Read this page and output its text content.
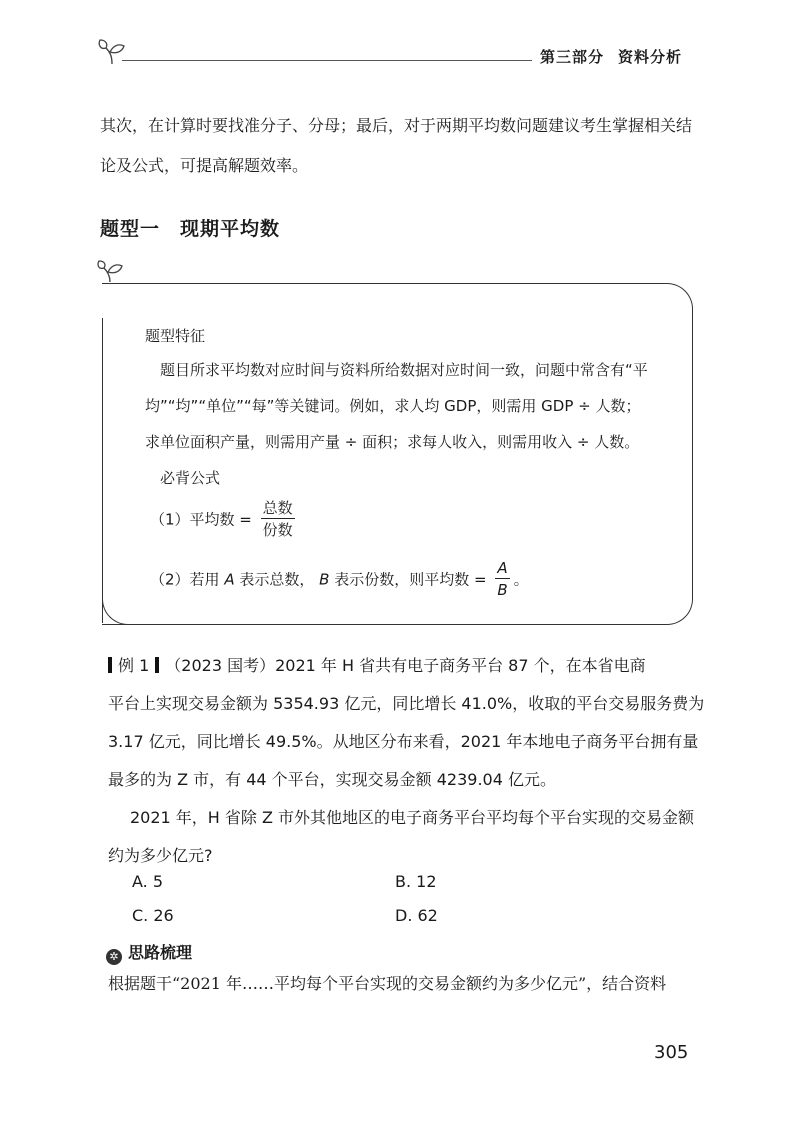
第三部分 资料分析
其次，在计算时要找准分子、分母；最后，对于两期平均数问题建议考生掌握相关结论及公式，可提高解题效率。
题型一 现期平均数
题型特征
题目所求平均数对应时间与资料所给数据对应时间一致，问题中常含有“平
均”“均”“单位”“每”等关键词。例如，求人均 GDP，则需用 GDP ÷ 人数；
求单位面积产量，则需用产量 ÷ 面积；求每人收入，则需用收入 ÷ 人数。
必背公式
（1）平均数 = $\frac{\text{总数}}{\text{份数}}$
（2）若用 A 表示总数， B 表示份数，则平均数 = $\frac{A}{B}$ 。
例 1 （2023 国考）2021 年 H 省共有电子商务平台 87 个，在本省电商
平台上实现交易金额为 5354.93 亿元，同比增长 41.0%，收取的平台交易服务费为
3.17 亿元，同比增长 49.5%。从地区分布来看，2021 年本地电子商务平台拥有量
最多的为 Z 市，有 44 个平台，实现交易金额 4239.04 亿元。
2021 年，H 省除 Z 市外其他地区的电子商务平台平均每个平台实现的交易金额
约为多少亿元?
A. 5	B. 12
C. 26	D. 62
✲ 思路梳理
根据题干“2021 年……平均每个平台实现的交易金额约为多少亿元”，结合资料
305
